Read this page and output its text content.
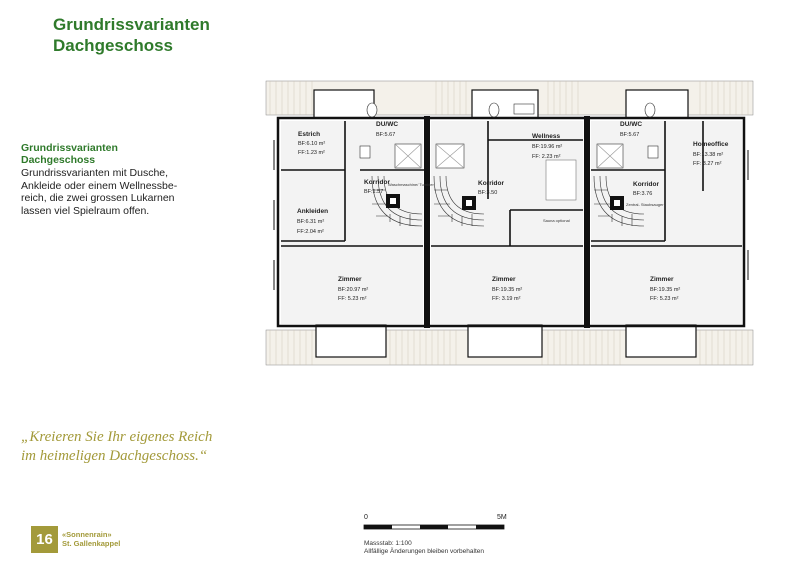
Grundrissvarianten
Dachgeschoss
Grundrissvarianten
Dachgeschoss
Grundrissvarianten mit Dusche,
Ankleide oder einem Wellnessbe-
reich, die zwei grossen Lukarnen
lassen viel Spielraum offen.
„Kreieren Sie Ihr eigenes Reich
im heimeligen Dachgeschoss.“
16	«Sonnenrain»
St. Gallenkappel
0	5M
Massstab: 1:100
Allfällige Änderungen bleiben vorbehalten
Estrich
BF:6.10 m²
FF:1.23 m²
DU/WC
BF:5.67
Korridor
BF:1.57
Waschmaschine/ Tumbler
Ankleiden
BF:6.31 m²
FF:2.04 m²
Zimmer
BF:20.97 m²
FF: 5.23 m²
Wellness
BF:19.96 m²
FF: 2.23 m²
Korridor
BF:3.50
Sauna optional
Zimmer
BF:19.35 m²
FF: 3.19 m²
DU/WC
BF:5.67
Homeoffice
BF:13.38 m²
FF: 3.27 m²
Korridor
BF:3.76
Zentral- Staubsauger
Zimmer
BF:19.35 m²
FF: 5.23 m²
